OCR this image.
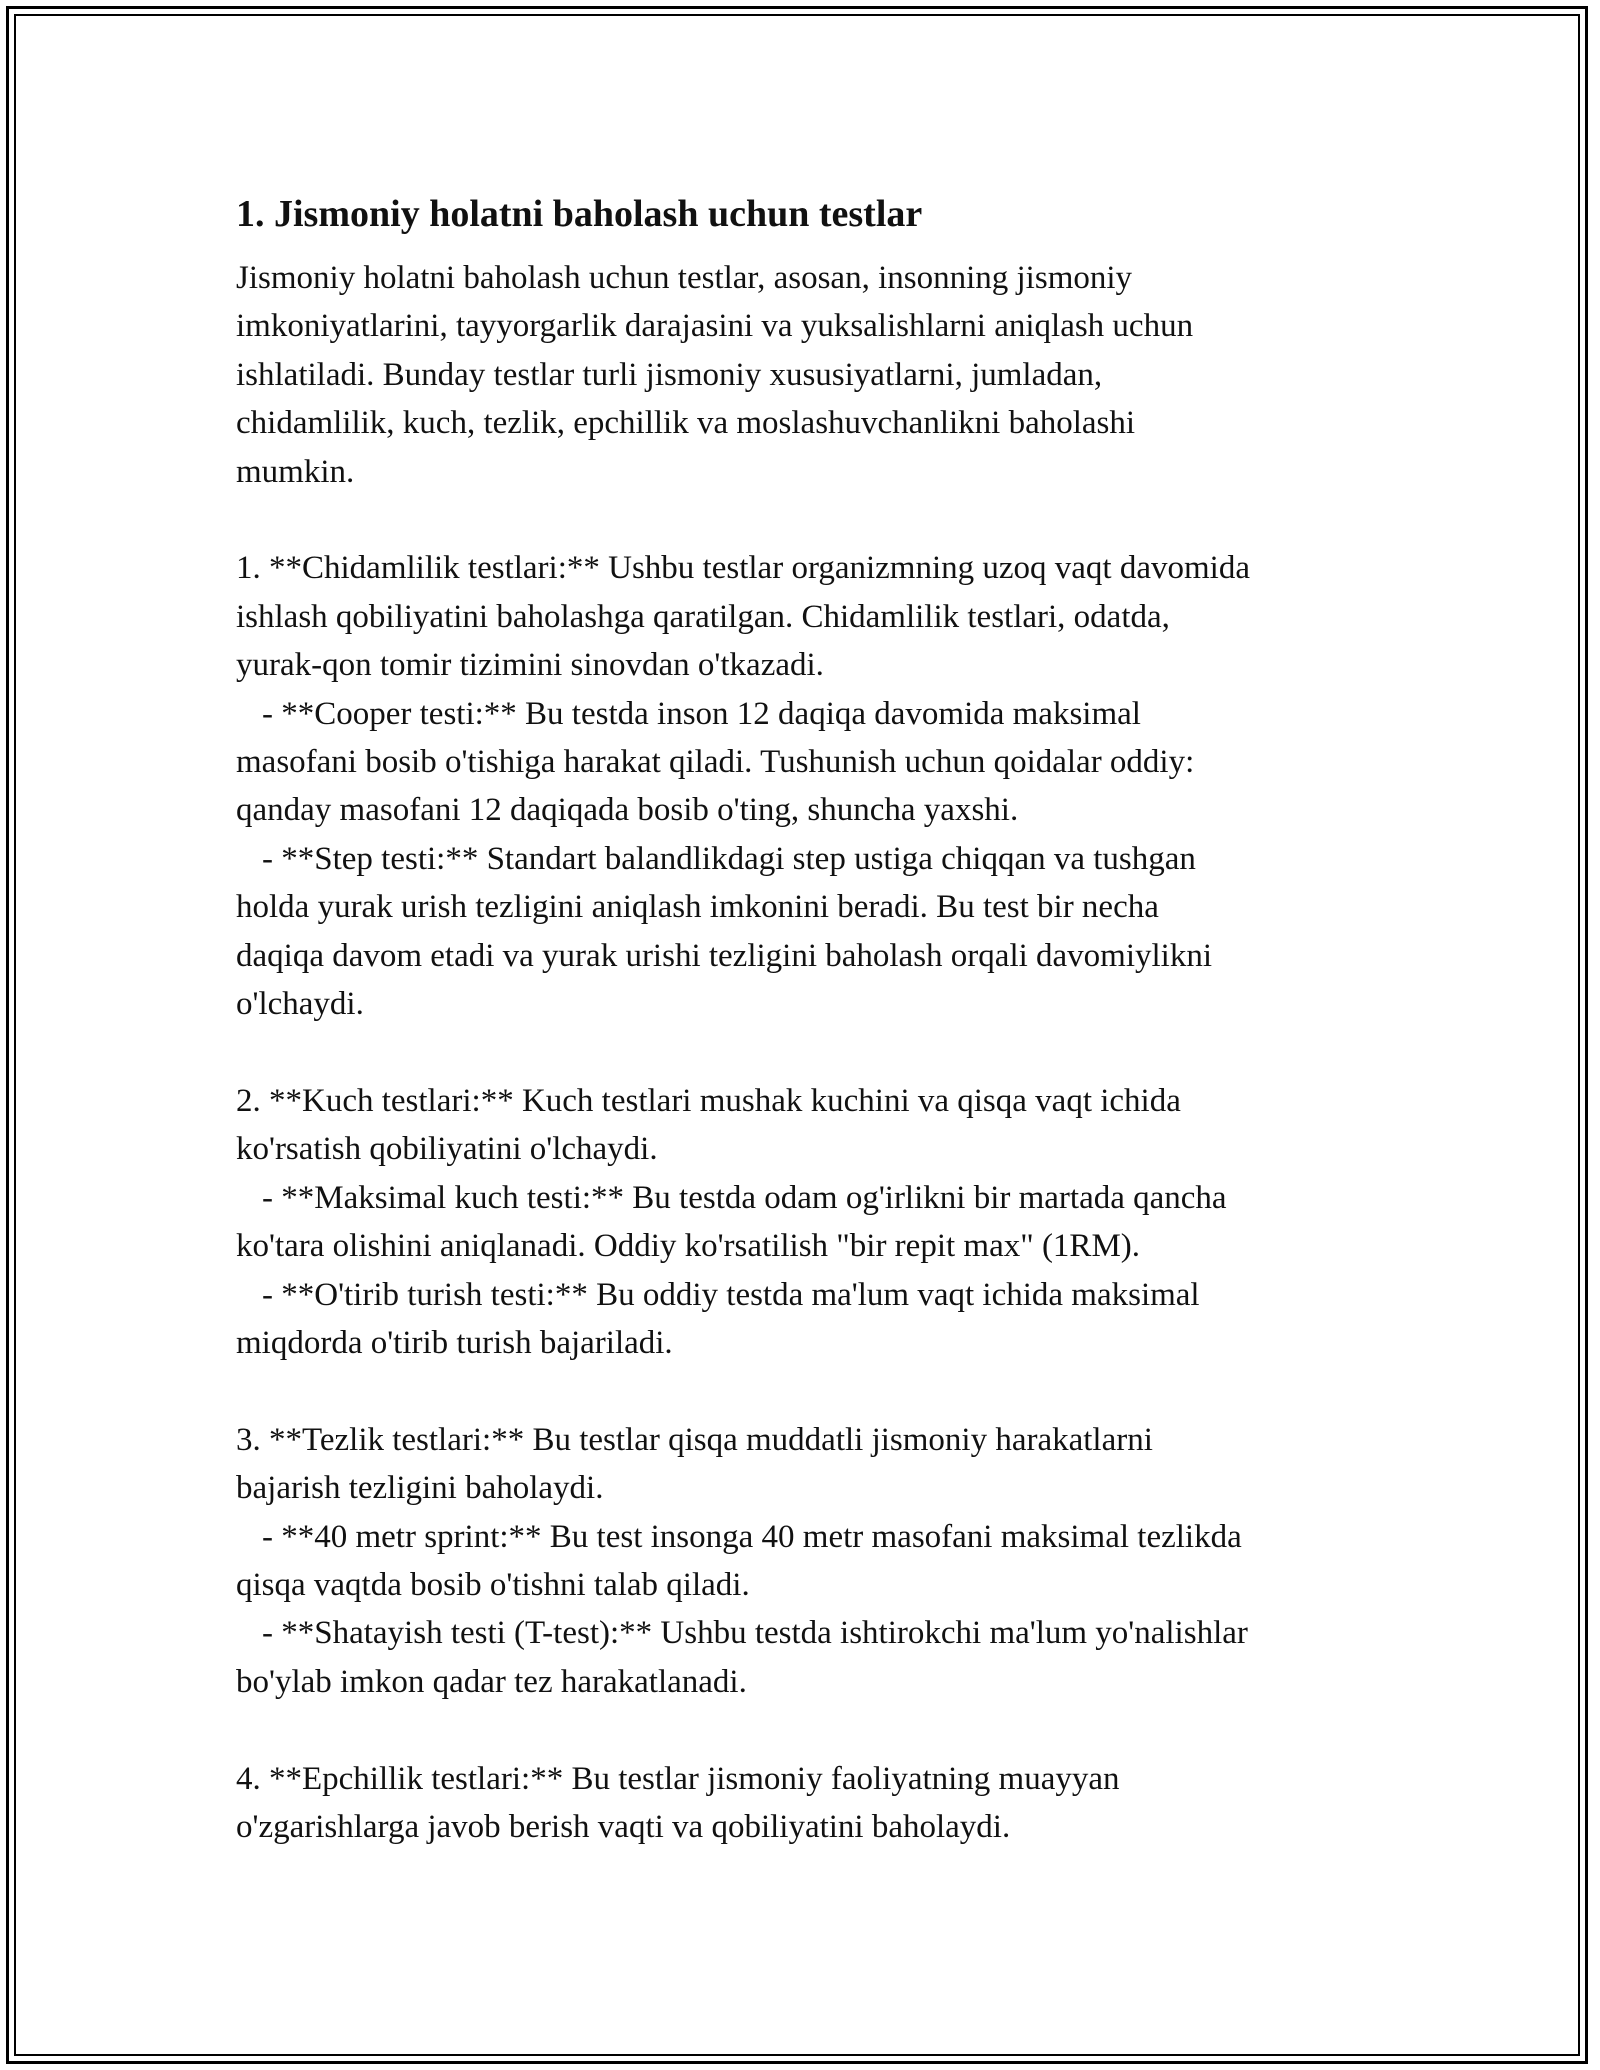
1. Jismoniy holatni baholash uchun testlar
Jismoniy holatni baholash uchun testlar, asosan, insonning jismoniy
imkoniyatlarini, tayyorgarlik darajasini va yuksalishlarni aniqlash uchun
ishlatiladi. Bunday testlar turli jismoniy xususiyatlarni, jumladan,
chidamlilik, kuch, tezlik, epchillik va moslashuvchanlikni baholashi
mumkin.
1. **Chidamlilik testlari:** Ushbu testlar organizmning uzoq vaqt davomida
ishlash qobiliyatini baholashga qaratilgan. Chidamlilik testlari, odatda,
yurak-qon tomir tizimini sinovdan o'tkazadi.
- **Cooper testi:** Bu testda inson 12 daqiqa davomida maksimal
masofani bosib o'tishiga harakat qiladi. Tushunish uchun qoidalar oddiy:
qanday masofani 12 daqiqada bosib o'ting, shuncha yaxshi.
- **Step testi:** Standart balandlikdagi step ustiga chiqqan va tushgan
holda yurak urish tezligini aniqlash imkonini beradi. Bu test bir necha
daqiqa davom etadi va yurak urishi tezligini baholash orqali davomiylikni
o'lchaydi.
2. **Kuch testlari:** Kuch testlari mushak kuchini va qisqa vaqt ichida
ko'rsatish qobiliyatini o'lchaydi.
- **Maksimal kuch testi:** Bu testda odam og'irlikni bir martada qancha
ko'tara olishini aniqlanadi. Oddiy ko'rsatilish "bir repit max" (1RM).
- **O'tirib turish testi:** Bu oddiy testda ma'lum vaqt ichida maksimal
miqdorda o'tirib turish bajariladi.
3. **Tezlik testlari:** Bu testlar qisqa muddatli jismoniy harakatlarni
bajarish tezligini baholaydi.
- **40 metr sprint:** Bu test insonga 40 metr masofani maksimal tezlikda
qisqa vaqtda bosib o'tishni talab qiladi.
- **Shatayish testi (T-test):** Ushbu testda ishtirokchi ma'lum yo'nalishlar
bo'ylab imkon qadar tez harakatlanadi.
4. **Epchillik testlari:** Bu testlar jismoniy faoliyatning muayyan
o'zgarishlarga javob berish vaqti va qobiliyatini baholaydi.
